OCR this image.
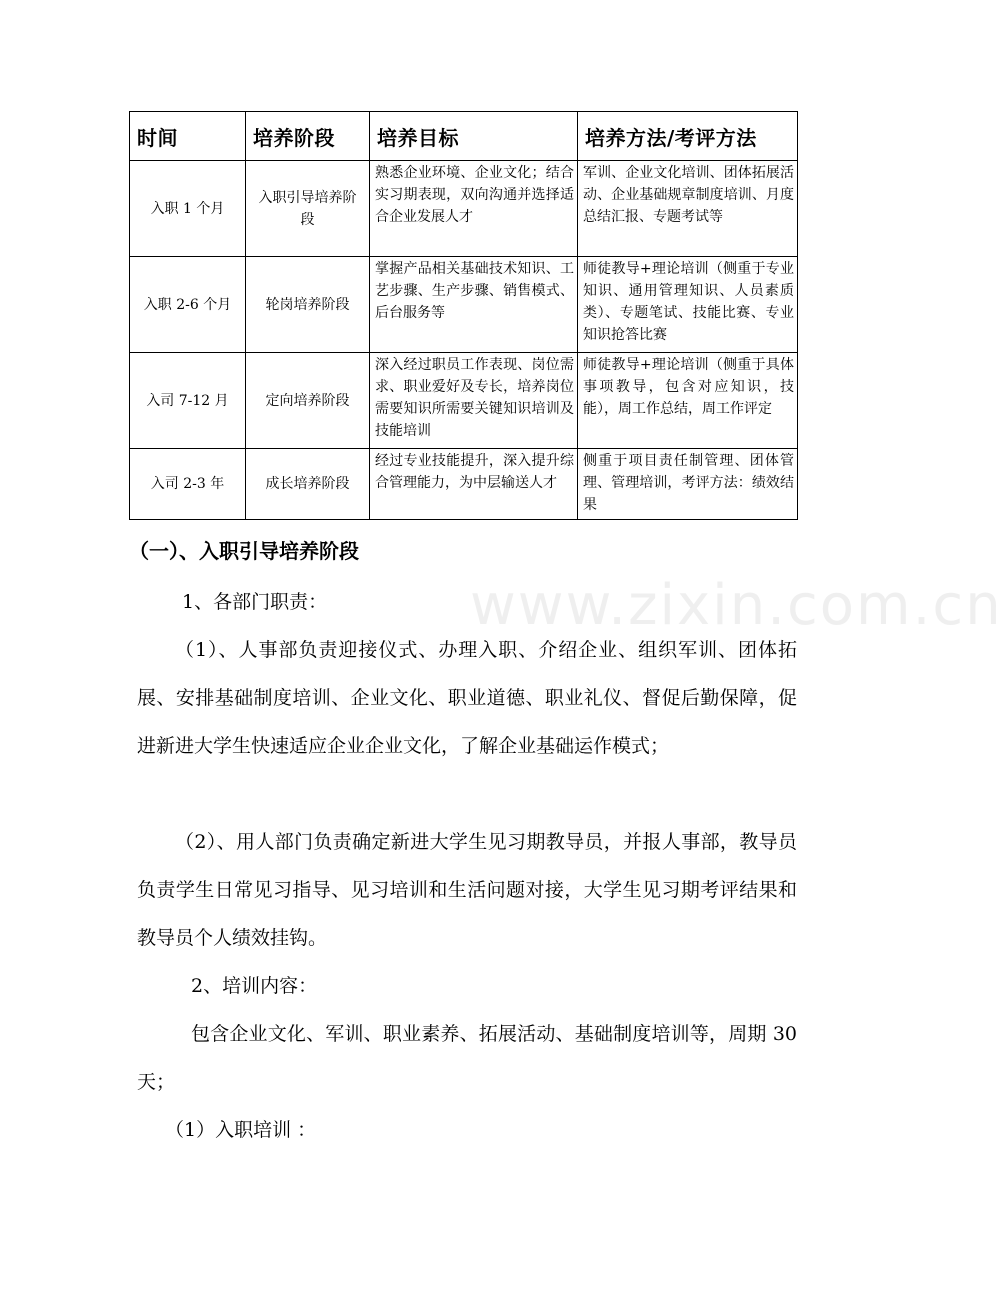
时间	培养阶段	培养目标	培养方法/考评方法
入职 1 个月	入职引导培养阶段	熟悉企业环境、企业文化；结合实习期表现，双向沟通并选择适合企业发展人才	军训、企业文化培训、团体拓展活动、企业基础规章制度培训、月度总结汇报、专题考试等
入职 2-6 个月	轮岗培养阶段	掌握产品相关基础技术知识、工艺步骤、生产步骤、销售模式、后台服务等	师徒教导+理论培训（侧重于专业知识、通用管理知识、人员素质类）、专题笔试、技能比赛、专业知识抢答比赛
入司 7-12 月	定向培养阶段	深入经过职员工作表现、岗位需求、职业爱好及专长，培养岗位需要知识所需要关键知识培训及技能培训	师徒教导+理论培训（侧重于具体事项教导，包含对应知识，技能），周工作总结，周工作评定
入司 2-3 年	成长培养阶段	经过专业技能提升，深入提升综合管理能力，为中层输送人才	侧重于项目责任制管理、团体管理、管理培训，考评方法：绩效结果
（一）、入职引导培养阶段
www.zixin.com.cn

1、各部门职责：

（1）、人事部负责迎接仪式、办理入职、介绍企业、组织军训、团体拓展、安排基础制度培训、企业文化、职业道德、职业礼仪、督促后勤保障，促进新进大学生快速适应企业企业文化，了解企业基础运作模式；

（2）、用人部门负责确定新进大学生见习期教导员，并报人事部，教导员负责学生日常见习指导、见习培训和生活问题对接，大学生见习期考评结果和教导员个人绩效挂钩。

2、培训内容：

包含企业文化、军训、职业素养、拓展活动、基础制度培训等，周期 30 天；

（1）入职培训 ：
